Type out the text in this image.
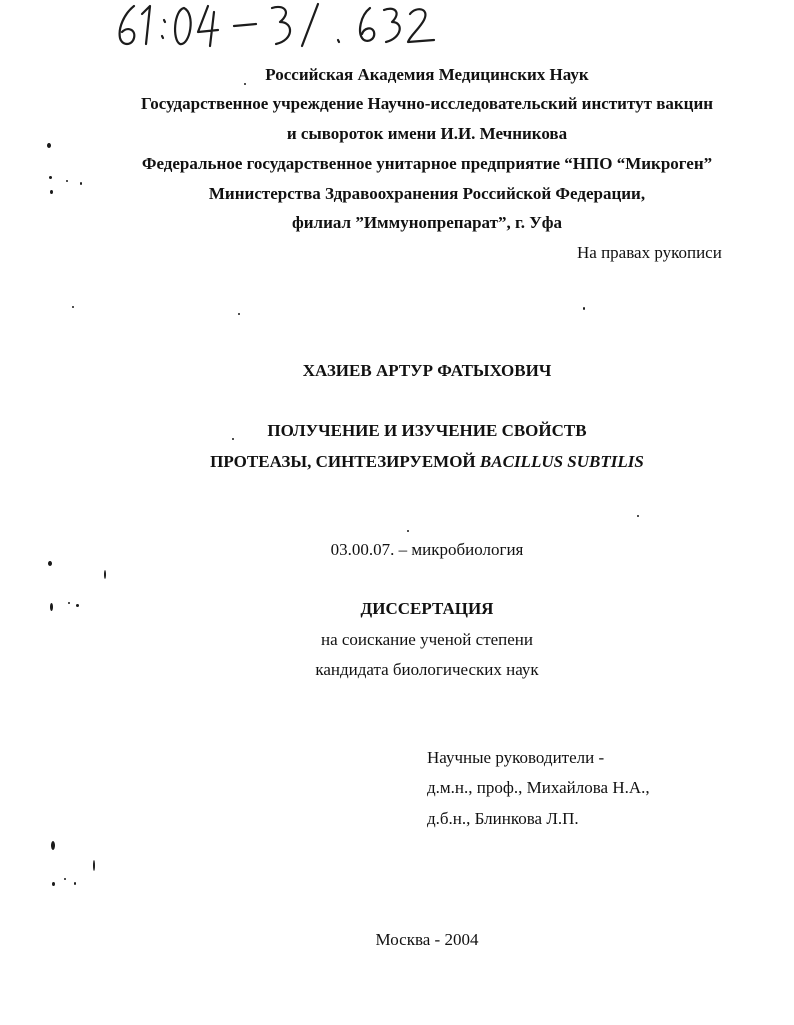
Российская Академия Медицинских Наук
Государственное учреждение Научно-исследовательский институт вакцин
и сывороток имени И.И. Мечникова
Федеральное государственное унитарное предприятие “НПО “Микроген”
Министерства Здравоохранения Российской Федерации,
филиал ”Иммунопрепарат”, г. Уфа
На правах рукописи
ХАЗИЕВ АРТУР ФАТЫХОВИЧ
ПОЛУЧЕНИЕ И ИЗУЧЕНИЕ СВОЙСТВ
ПРОТЕАЗЫ, СИНТЕЗИРУЕМОЙ BACILLUS SUBTILIS
03.00.07. – микробиология
ДИССЕРТАЦИЯ
на соискание ученой степени
кандидата биологических наук
Научные руководители -
д.м.н., проф., Михайлова Н.А.,
д.б.н., Блинкова Л.П.
Москва - 2004
